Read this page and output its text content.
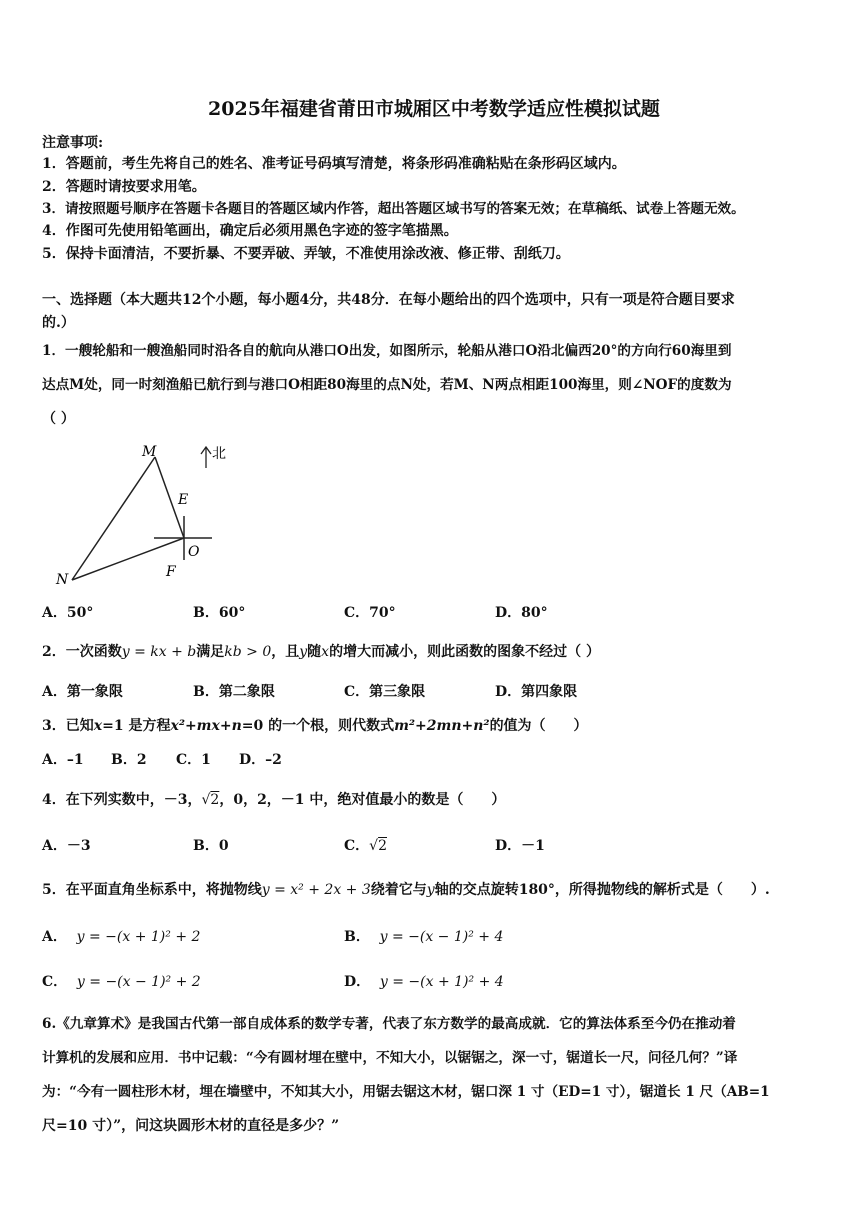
2025年福建省莆田市城厢区中考数学适应性模拟试题
注意事项:
1．答题前，考生先将自己的姓名、准考证号码填写清楚，将条形码准确粘贴在条形码区域内。
2．答题时请按要求用笔。
3．请按照题号顺序在答题卡各题目的答题区域内作答，超出答题区域书写的答案无效；在草稿纸、试卷上答题无效。
4．作图可先使用铅笔画出，确定后必须用黑色字迹的签字笔描黑。
5．保持卡面清洁，不要折暴、不要弄破、弄皱，不准使用涂改液、修正带、刮纸刀。
一、选择题（本大题共12个小题，每小题4分，共48分．在每小题给出的四个选项中，只有一项是符合题目要求
的.）
1．一艘轮船和一艘渔船同时沿各自的航向从港口O出发，如图所示，轮船从港口O沿北偏西20°的方向行60海里到
达点M处，同一时刻渔船已航行到与港口O相距80海里的点N处，若M、N两点相距100海里，则∠NOF的度数为
（ ）
M
N
E
O
F
北
A．50°	B．60°	C．70°	D．80°
2．一次函数y = kx + b满足kb > 0，且y随x的增大而减小，则此函数的图象不经过（ ）
A．第一象限	B．第二象限	C．第三象限	D．第四象限
3．已知x=1 是方程x²+mx+n=0 的一个根，则代数式m²+2mn+n²的值为（　　）
A．–1 B．2 C．1 D．–2
4．在下列实数中，－3，√2，0，2，－1 中，绝对值最小的数是（　　）
A．－3	B．0	C．√2	D．－1
5．在平面直角坐标系中，将抛物线y = x² + 2x + 3绕着它与y轴的交点旋转180°，所得抛物线的解析式是（　　）.
A． y = −(x + 1)² + 2	B． y = −(x − 1)² + 4
C． y = −(x − 1)² + 2	D． y = −(x + 1)² + 4
6.《九章算术》是我国古代第一部自成体系的数学专著，代表了东方数学的最高成就．它的算法体系至今仍在推动着
计算机的发展和应用．书中记载：“今有圆材埋在壁中，不知大小，以锯锯之，深一寸，锯道长一尺，问径几何？”译
为：“今有一圆柱形木材，埋在墙壁中，不知其大小，用锯去锯这木材，锯口深 1 寸（ED=1 寸），锯道长 1 尺（AB=1
尺=10 寸）”，问这块圆形木材的直径是多少？”
